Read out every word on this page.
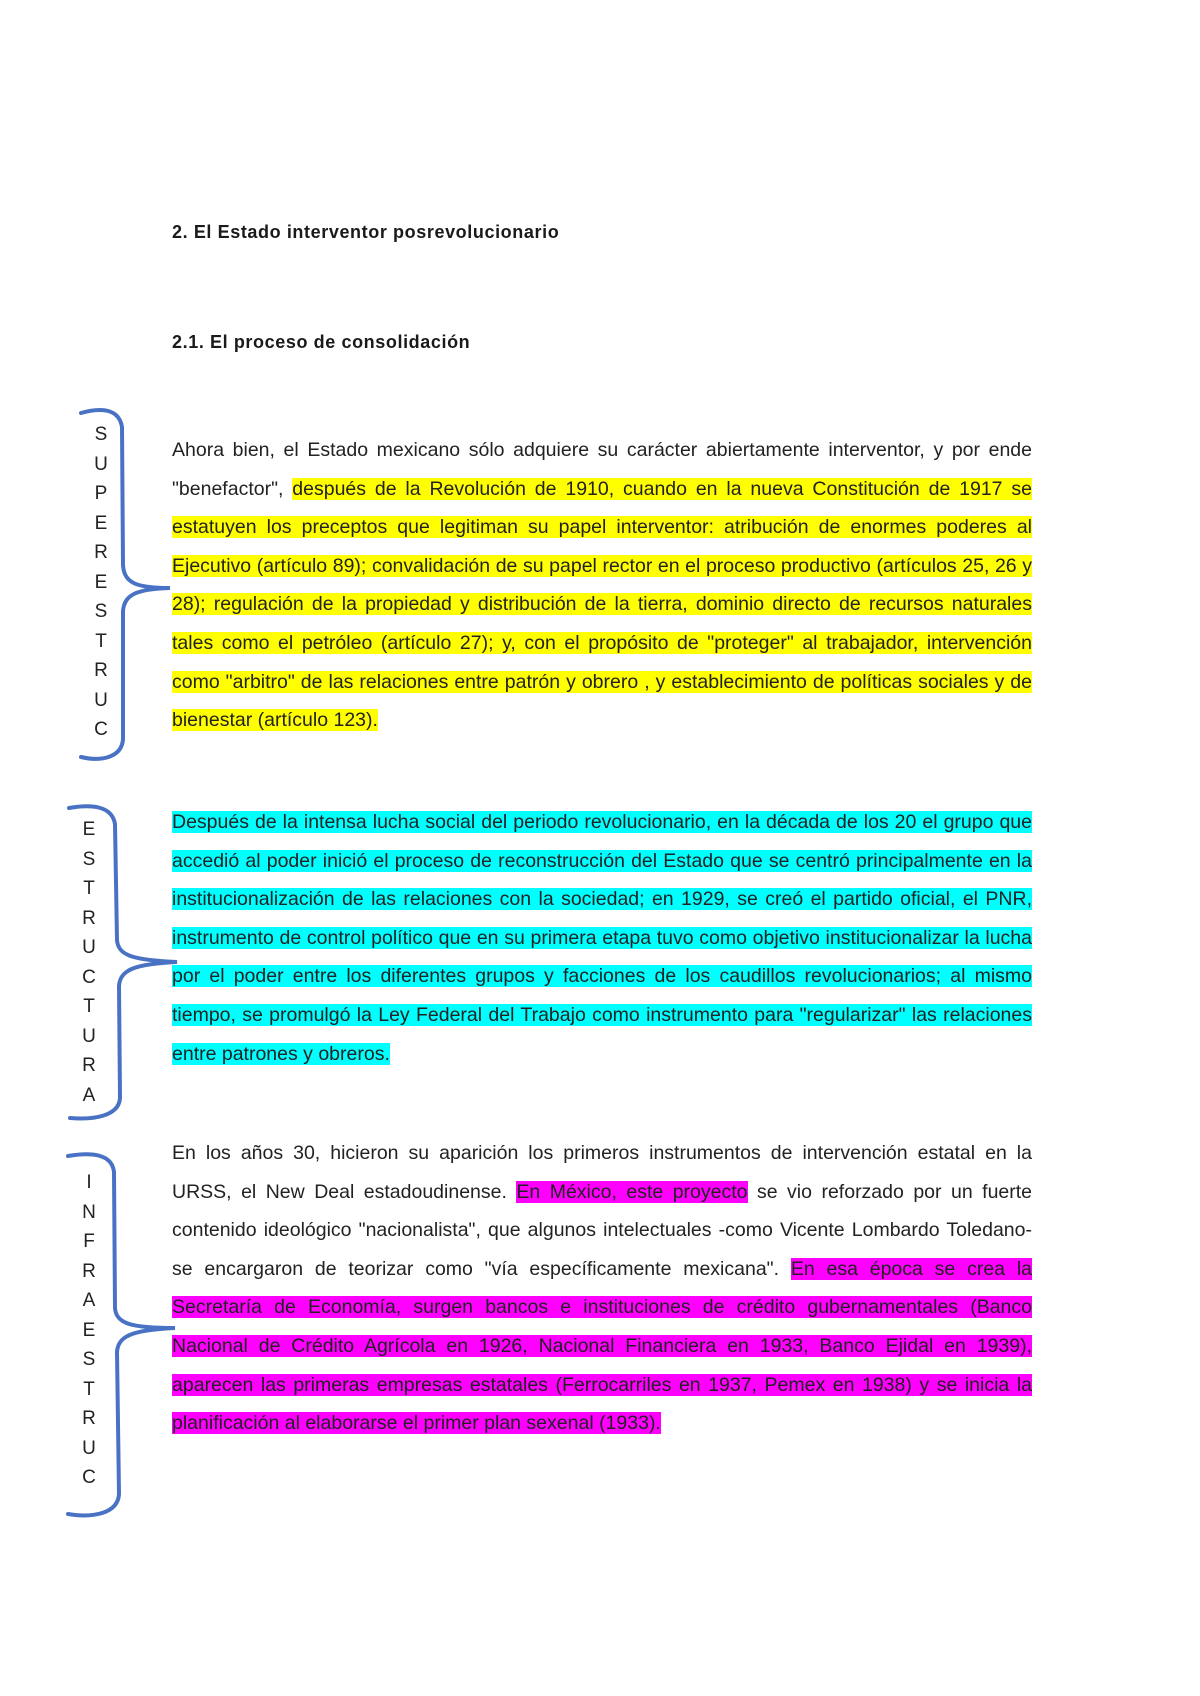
2. El Estado interventor posrevolucionario
2.1. El proceso de consolidación

Ahora bien, el Estado mexicano sólo adquiere su carácter abiertamente interventor, y por ende "benefactor", después de la Revolución de 1910, cuando en la nueva Constitución de 1917 se estatuyen los preceptos que legitiman su papel interventor: atribución de enormes poderes al Ejecutivo (artículo 89); convalidación de su papel rector en el proceso productivo (artículos 25, 26 y 28); regulación de la propiedad y distribución de la tierra, dominio directo de recursos naturales tales como el petróleo (artículo 27); y, con el propósito de "proteger" al trabajador, intervención como "arbitro" de las relaciones entre patrón y obrero , y establecimiento de políticas sociales y de bienestar (artículo 123).

Después de la intensa lucha social del periodo revolucionario, en la década de los 20 el grupo que accedió al poder inició el proceso de reconstrucción del Estado que se centró principalmente en la institucionalización de las relaciones con la sociedad; en 1929, se creó el partido oficial, el PNR, instrumento de control político que en su primera etapa tuvo como objetivo institucionalizar la lucha por el poder entre los diferentes grupos y facciones de los caudillos revolucionarios; al mismo tiempo, se promulgó la Ley Federal del Trabajo como instrumento para "regularizar" las relaciones entre patrones y obreros.

En los años 30, hicieron su aparición los primeros instrumentos de intervención estatal en la URSS, el New Deal estadoudinense. En México, este proyecto se vio reforzado por un fuerte contenido ideológico "nacionalista", que algunos intelectuales -como Vicente Lombardo Toledano- se encargaron de teorizar como "vía específicamente mexicana". En esa época se crea la Secretaría de Economía, surgen bancos e instituciones de crédito gubernamentales (Banco Nacional de Crédito Agrícola en 1926, Nacional Financiera en 1933, Banco Ejidal en 1939), aparecen las primeras empresas estatales (Ferrocarriles en 1937, Pemex en 1938) y se inicia la planificación al elaborarse el primer plan sexenal (1933).

S
U
P
E
R
E
S
T
R
U
C
E
S
T
R
U
C
T
U
R
A
I
N
F
R
A
E
S
T
R
U
C
